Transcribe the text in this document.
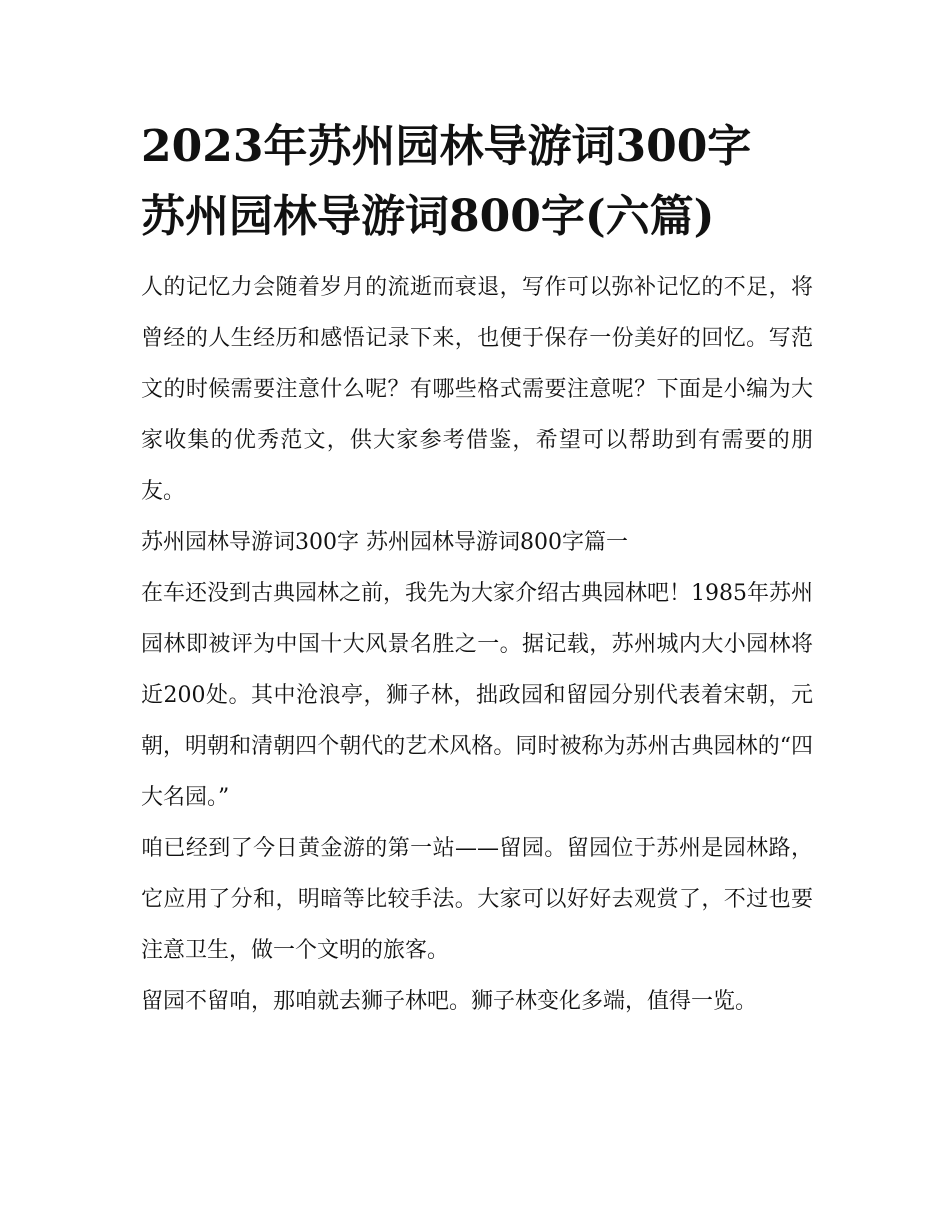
2023年苏州园林导游词300字
苏州园林导游词800字(六篇)

人的记忆力会随着岁月的流逝而衰退，写作可以弥补记忆的不足，将曾经的人生经历和感悟记录下来，也便于保存一份美好的回忆。写范文的时候需要注意什么呢？有哪些格式需要注意呢？下面是小编为大家收集的优秀范文，供大家参考借鉴，希望可以帮助到有需要的朋友。

苏州园林导游词300字 苏州园林导游词800字篇一

在车还没到古典园林之前，我先为大家介绍古典园林吧！1985年苏州园林即被评为中国十大风景名胜之一。据记载，苏州城内大小园林将近200处。其中沧浪亭，狮子林，拙政园和留园分别代表着宋朝，元朝，明朝和清朝四个朝代的艺术风格。同时被称为苏州古典园林的“四大名园。”

咱已经到了今日黄金游的第一站——留园。留园位于苏州是园林路，它应用了分和，明暗等比较手法。大家可以好好去观赏了，不过也要注意卫生，做一个文明的旅客。

留园不留咱，那咱就去狮子林吧。狮子林变化多端，值得一览。
